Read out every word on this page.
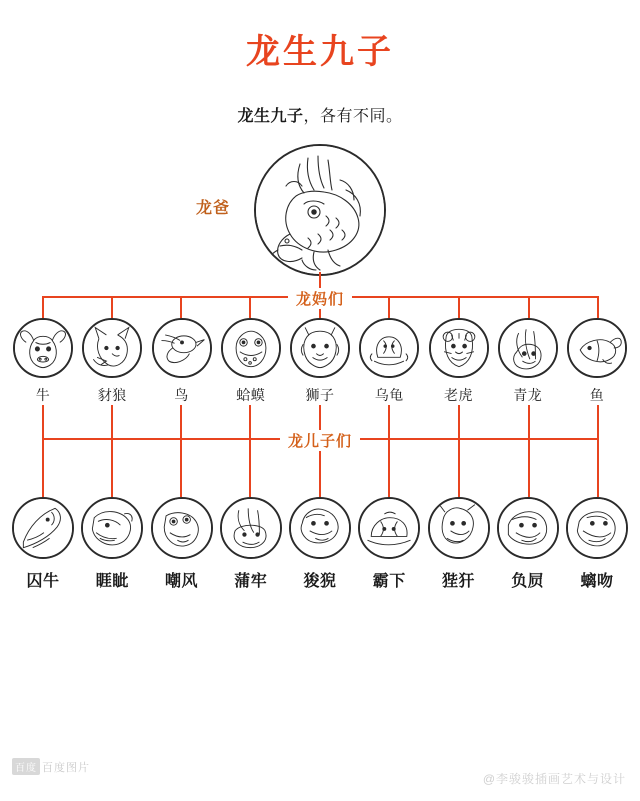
龙生九子
龙生九子，各有不同。
龙爸
龙妈们
牛	豺狼	鸟	蛤蟆	狮子	乌龟	老虎	青龙	鱼
龙儿子们
囚牛 睚眦 嘲风 蒲牢 狻猊 霸下 狴犴 负屃 螭吻
百度 百度图片
@李骏骏插画艺术与设计
